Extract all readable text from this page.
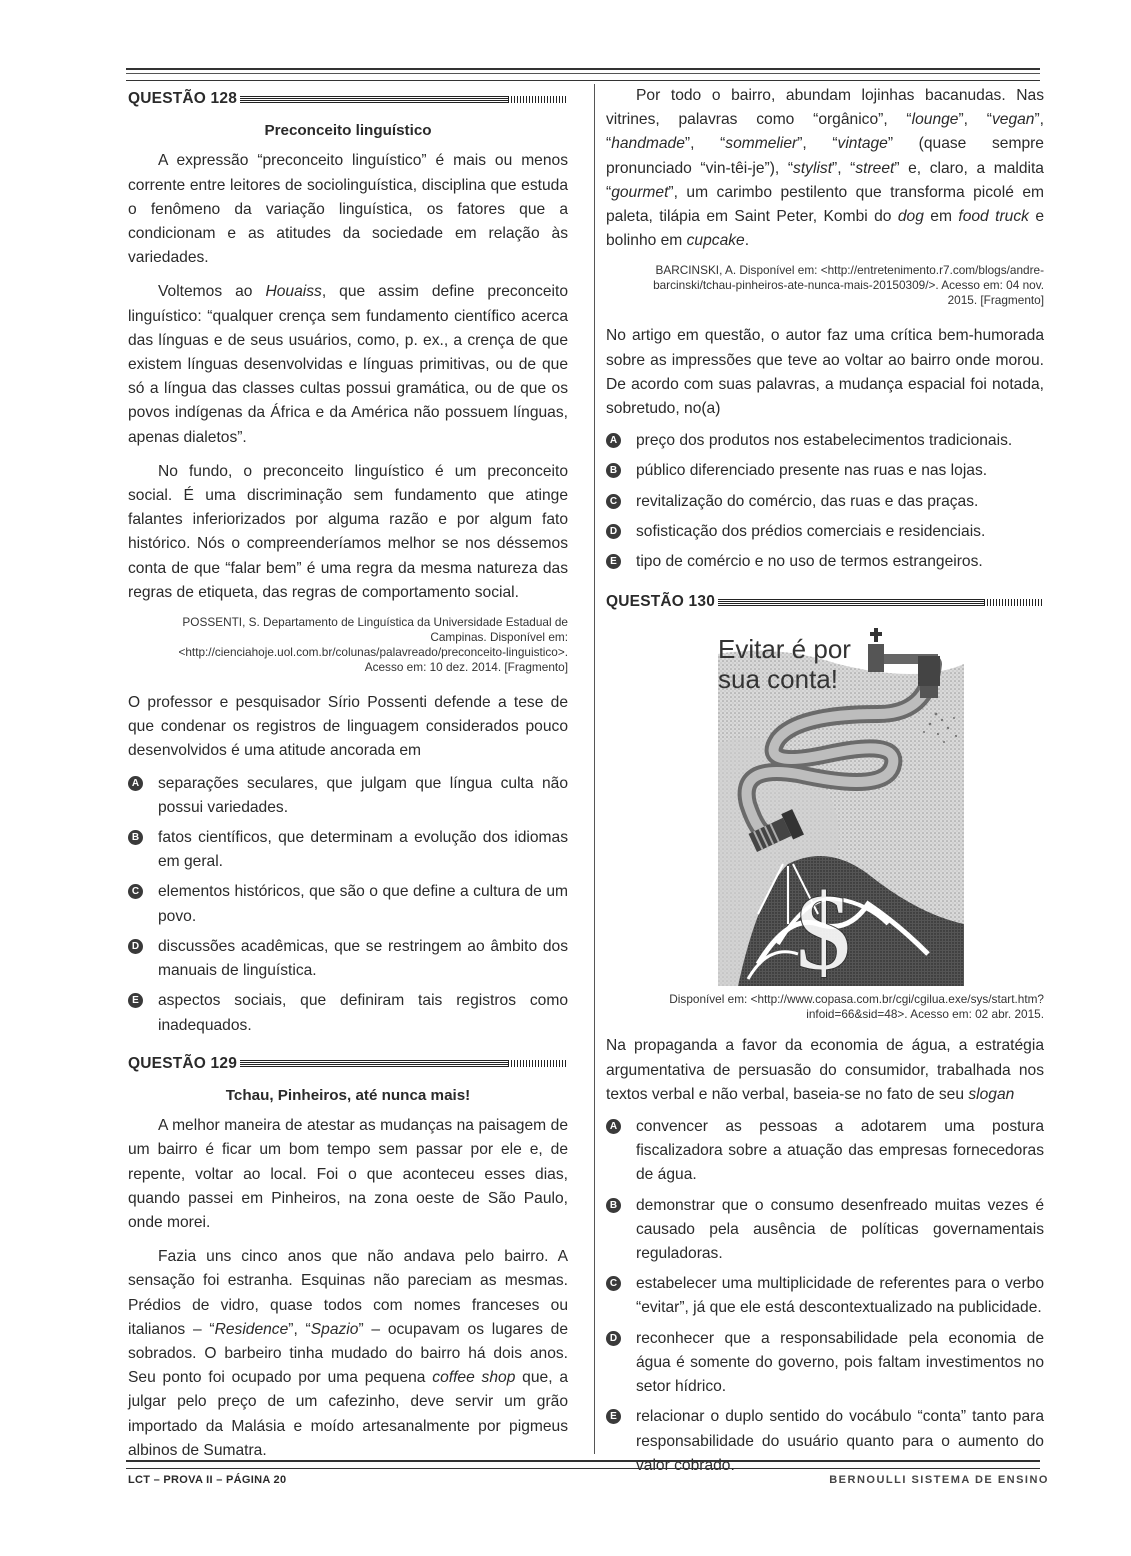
QUESTÃO 128
Preconceito linguístico

A expressão “preconceito linguístico” é mais ou menos corrente entre leitores de sociolinguística, disciplina que estuda o fenômeno da variação linguística, os fatores que a condicionam e as atitudes da sociedade em relação às variedades.

Voltemos ao Houaiss, que assim define preconceito linguístico: “qualquer crença sem fundamento científico acerca das línguas e de seus usuários, como, p. ex., a crença de que existem línguas desenvolvidas e línguas primitivas, ou de que só a língua das classes cultas possui gramática, ou de que os povos indígenas da África e da América não possuem línguas, apenas dialetos”.

No fundo, o preconceito linguístico é um preconceito social. É uma discriminação sem fundamento que atinge falantes inferiorizados por alguma razão e por algum fato histórico. Nós o compreenderíamos melhor se nos déssemos conta de que “falar bem” é uma regra da mesma natureza das regras de etiqueta, das regras de comportamento social.

POSSENTI, S. Departamento de Linguística da Universidade Estadual de Campinas. Disponível em: <http://cienciahoje.uol.com.br/colunas/palavreado/preconceito-linguistico>. Acesso em: 10 dez. 2014. [Fragmento]

O professor e pesquisador Sírio Possenti defende a tese de que condenar os registros de linguagem considerados pouco desenvolvidos é uma atitude ancorada em

A separações seculares, que julgam que língua culta não possui variedades.
B fatos científicos, que determinam a evolução dos idiomas em geral.
C elementos históricos, que são o que define a cultura de um povo.
D discussões acadêmicas, que se restringem ao âmbito dos manuais de linguística.
E aspectos sociais, que definiram tais registros como inadequados.
QUESTÃO 129
Tchau, Pinheiros, até nunca mais!

A melhor maneira de atestar as mudanças na paisagem de um bairro é ficar um bom tempo sem passar por ele e, de repente, voltar ao local. Foi o que aconteceu esses dias, quando passei em Pinheiros, na zona oeste de São Paulo, onde morei.

Fazia uns cinco anos que não andava pelo bairro. A sensação foi estranha. Esquinas não pareciam as mesmas. Prédios de vidro, quase todos com nomes franceses ou italianos – “Residence”, “Spazio” – ocupavam os lugares de sobrados. O barbeiro tinha mudado do bairro há dois anos. Seu ponto foi ocupado por uma pequena coffee shop que, a julgar pelo preço de um cafezinho, deve servir um grão importado da Malásia e moído artesanalmente por pigmeus albinos de Sumatra.

Por todo o bairro, abundam lojinhas bacanudas. Nas vitrines, palavras como “orgânico”, “lounge”, “vegan”, “handmade”, “sommelier”, “vintage” (quase sempre pronunciado “vin-têi-je”), “stylist”, “street” e, claro, a maldita “gourmet”, um carimbo pestilento que transforma picolé em paleta, tilápia em Saint Peter, Kombi do dog em food truck e bolinho em cupcake.

BARCINSKI, A. Disponível em: <http://entretenimento.r7.com/blogs/andre-barcinski/tchau-pinheiros-ate-nunca-mais-20150309/>. Acesso em: 04 nov. 2015. [Fragmento]

No artigo em questão, o autor faz uma crítica bem-humorada sobre as impressões que teve ao voltar ao bairro onde morou. De acordo com suas palavras, a mudança espacial foi notada, sobretudo, no(a)

A preço dos produtos nos estabelecimentos tradicionais.
B público diferenciado presente nas ruas e nas lojas.
C revitalização do comércio, das ruas e das praças.
D sofisticação dos prédios comerciais e residenciais.
E tipo de comércio e no uso de termos estrangeiros.
QUESTÃO 130
Evitar é por
sua conta!
$
Disponível em: <http://www.copasa.com.br/cgi/cgilua.exe/sys/start.htm?infoid=66&sid=48>. Acesso em: 02 abr. 2015.

Na propaganda a favor da economia de água, a estratégia argumentativa de persuasão do consumidor, trabalhada nos textos verbal e não verbal, baseia-se no fato de seu slogan

A convencer as pessoas a adotarem uma postura fiscalizadora sobre a atuação das empresas fornecedoras de água.
B demonstrar que o consumo desenfreado muitas vezes é causado pela ausência de políticas governamentais reguladoras.
C estabelecer uma multiplicidade de referentes para o verbo “evitar”, já que ele está descontextualizado na publicidade.
D reconhecer que a responsabilidade pela economia de água é somente do governo, pois faltam investimentos no setor hídrico.
E relacionar o duplo sentido do vocábulo “conta” tanto para responsabilidade do usuário quanto para o aumento do valor cobrado.
LCT – PROVA II – PÁGINA 20	BERNOULLI SISTEMA DE ENSINO
